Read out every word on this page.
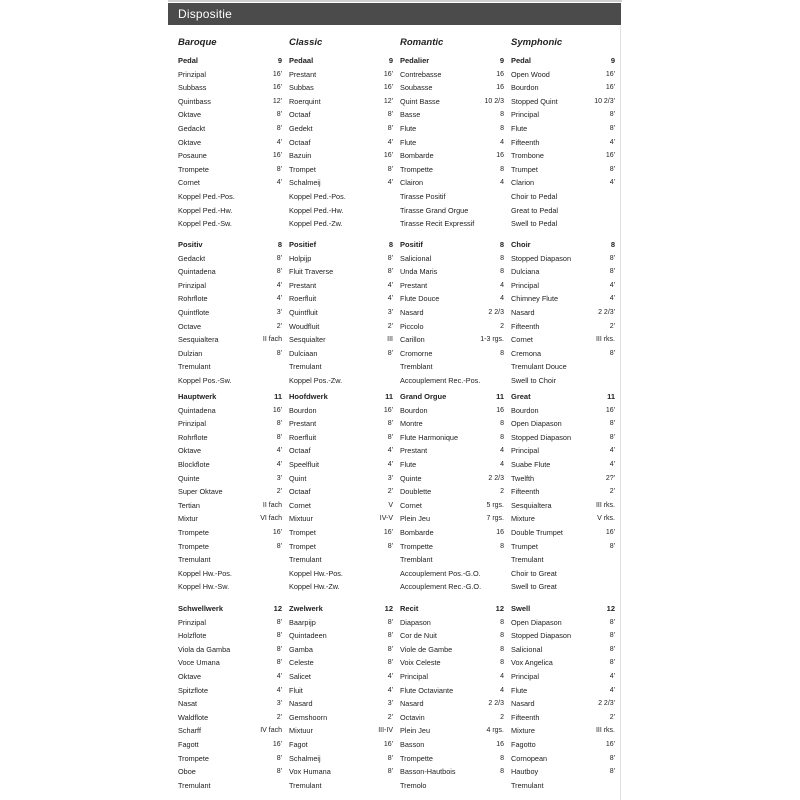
Dispositie
Baroque
Pedal	9
Prinzipal	16'
Subbass	16'
Quintbass	12'
Oktave	8'
Gedackt	8'
Oktave	4'
Posaune	16'
Trompete	8'
Cornet	4'
Koppel Ped.-Pos.
Koppel Ped.-Hw.
Koppel Ped.-Sw.
Positiv	8
Gedackt	8'
Quintadena	8'
Prinzipal	4'
Rohrflote	4'
Quintflote	3'
Octave	2'
Sesquialtera	II fach
Dulzian	8'
Tremulant
Koppel Pos.-Sw.
Hauptwerk	11
Quintadena	16'
Prinzipal	8'
Rohrflote	8'
Oktave	4'
Blockflote	4'
Quinte	3'
Super Oktave	2'
Tertian	II fach
Mixtur	VI fach
Trompete	16'
Trompete	8'
Tremulant
Koppel Hw.-Pos.
Koppel Hw.-Sw.
Schwellwerk	12
Prinzipal	8'
Holzflote	8'
Viola da Gamba	8'
Voce Umana	8'
Oktave	4'
Spitzflote	4'
Nasat	3'
Waldflote	2'
Scharff	IV fach
Fagott	16'
Trompete	8'
Oboe	8'
Tremulant
Classic
Pedaal	9
Prestant	16'
Subbas	16'
Roerquint	12'
Octaaf	8'
Gedekt	8'
Octaaf	4'
Bazuin	16'
Trompet	8'
Schalmeij	4'
Koppel Ped.-Pos.
Koppel Ped.-Hw.
Koppel Ped.-Zw.
Positief	8
Holpijp	8'
Fluit Traverse	8'
Prestant	4'
Roerfluit	4'
Quintfluit	3'
Woudfluit	2'
Sesquialter	III
Dulciaan	8'
Tremulant
Koppel Pos.-Zw.
Hoofdwerk	11
Bourdon	16'
Prestant	8'
Roerfluit	8'
Octaaf	4'
Speelfluit	4'
Quint	3'
Octaaf	2'
Cornet	V
Mixtuur	IV-V
Trompet	16'
Trompet	8'
Tremulant
Koppel Hw.-Pos.
Koppel Hw.-Zw.
Zwelwerk	12
Baarpijp	8'
Quintadeen	8'
Gamba	8'
Celeste	8'
Salicet	4'
Fluit	4'
Nasard	3'
Gemshoorn	2'
Mixtuur	III-IV
Fagot	16'
Schalmeij	8'
Vox Humana	8'
Tremulant
Romantic
Pedalier	9
Contrebasse	16
Soubasse	16
Quint Basse	10 2/3
Basse	8
Flute	8
Flute	4
Bombarde	16
Trompette	8
Clairon	4
Tirasse Positif
Tirasse Grand Orgue
Tirasse Recit Expressif
Positif	8
Salicional	8
Unda Maris	8
Prestant	4
Flute Douce	4
Nasard	2 2/3
Piccolo	2
Carillon	1-3 rgs.
Cromorne	8
Tremblant
Accouplement Rec.-Pos.
Grand Orgue	11
Bourdon	16
Montre	8
Flute Harmonique	8
Prestant	4
Flute	4
Quinte	2 2/3
Doublette	2
Cornet	5 rgs.
Plein Jeu	7 rgs.
Bombarde	16
Trompette	8
Tremblant
Accouplement Pos.-G.O.
Accouplement Rec.-G.O.
Recit	12
Diapason	8
Cor de Nuit	8
Viole de Gambe	8
Voix Celeste	8
Principal	4
Flute Octaviante	4
Nasard	2 2/3
Octavin	2
Plein Jeu	4 rgs.
Basson	16
Trompette	8
Basson-Hautbois	8
Tremolo
Symphonic
Pedal	9
Open Wood	16'
Bourdon	16'
Stopped Quint	10 2/3'
Principal	8'
Flute	8'
Fifteenth	4'
Trombone	16'
Trumpet	8'
Clarion	4'
Choir to Pedal
Great to Pedal
Swell to Pedal
Choir	8
Stopped Diapason	8'
Dulciana	8'
Principal	4'
Chimney Flute	4'
Nasard	2 2/3'
Fifteenth	2'
Cornet	III rks.
Cremona	8'
Tremulant Douce
Swell to Choir
Great	11
Bourdon	16'
Open Diapason	8'
Stopped Diapason	8'
Principal	4'
Suabe Flute	4'
Twelfth	2?'
Fifteenth	2'
Sesquialtera	III rks.
Mixture	V rks.
Double Trumpet	16'
Trumpet	8'
Tremulant
Choir to Great
Swell to Great
Swell	12
Open Diapason	8'
Stopped Diapason	8'
Salicional	8'
Vox Angelica	8'
Principal	4'
Flute	4'
Nasard	2 2/3'
Fifteenth	2'
Mixture	III rks.
Fagotto	16'
Cornopean	8'
Hautboy	8'
Tremulant
